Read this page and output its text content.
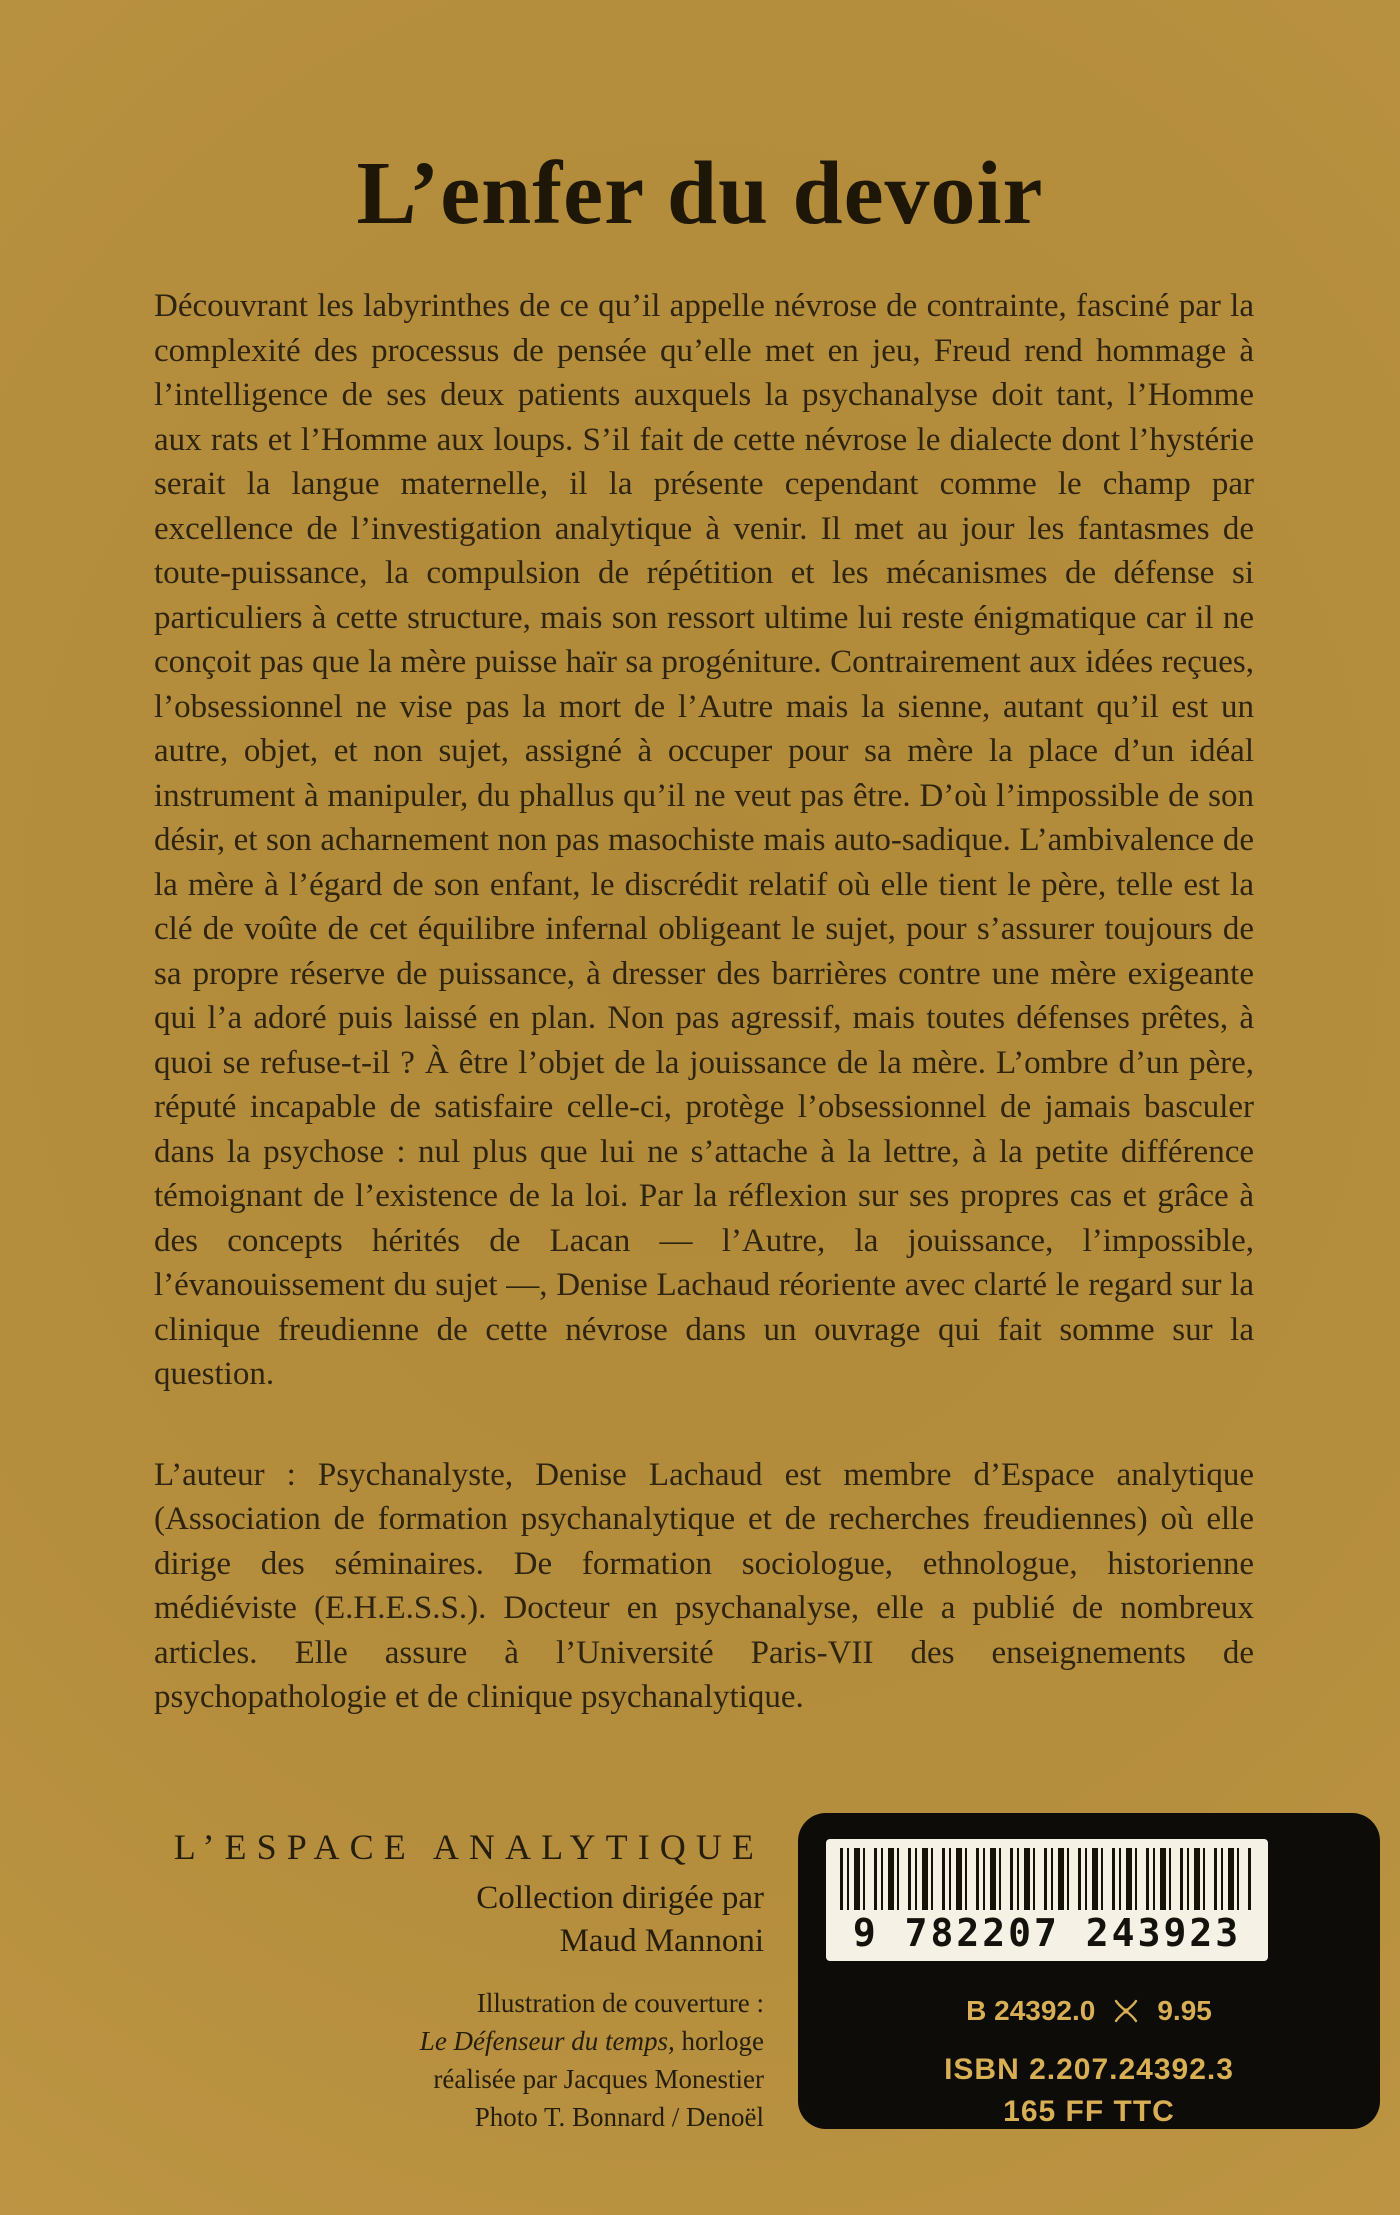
L’enfer du devoir

Découvrant les labyrinthes de ce qu’il appelle névrose de contrainte, fasciné par la complexité des processus de pensée qu’elle met en jeu, Freud rend hommage à l’intelligence de ses deux patients auxquels la psychanalyse doit tant, l’Homme aux rats et l’Homme aux loups. S’il fait de cette névrose le dialecte dont l’hystérie serait la langue maternelle, il la présente cependant comme le champ par excellence de l’investigation analytique à venir. Il met au jour les fantasmes de toute-puissance, la compulsion de répétition et les mécanismes de défense si particuliers à cette structure, mais son ressort ultime lui reste énigmatique car il ne conçoit pas que la mère puisse haïr sa progéniture. Contrairement aux idées reçues, l’obsessionnel ne vise pas la mort de l’Autre mais la sienne, autant qu’il est un autre, objet, et non sujet, assigné à occuper pour sa mère la place d’un idéal instrument à manipuler, du phallus qu’il ne veut pas être. D’où l’impossible de son désir, et son acharnement non pas masochiste mais auto-sadique. L’ambivalence de la mère à l’égard de son enfant, le discrédit relatif où elle tient le père, telle est la clé de voûte de cet équilibre infernal obligeant le sujet, pour s’assurer toujours de sa propre réserve de puissance, à dresser des barrières contre une mère exigeante qui l’a adoré puis laissé en plan. Non pas agressif, mais toutes défenses prêtes, à quoi se refuse-t-il ? À être l’objet de la jouissance de la mère. L’ombre d’un père, réputé incapable de satisfaire celle-ci, protège l’obsessionnel de jamais basculer dans la psychose : nul plus que lui ne s’attache à la lettre, à la petite différence témoignant de l’existence de la loi. Par la réflexion sur ses propres cas et grâce à des concepts hérités de Lacan — l’Autre, la jouissance, l’impossible, l’évanouissement du sujet —, Denise Lachaud réoriente avec clarté le regard sur la clinique freudienne de cette névrose dans un ouvrage qui fait somme sur la question.

L’auteur : Psychanalyste, Denise Lachaud est membre d’Espace analytique (Association de formation psychanalytique et de recherches freudiennes) où elle dirige des séminaires. De formation sociologue, ethnologue, historienne médiéviste (E.H.E.S.S.). Docteur en psychanalyse, elle a publié de nombreux articles. Elle assure à l’Université Paris-VII des enseignements de psychopathologie et de clinique psychanalytique.

L’ESPACE ANALYTIQUE
Collection dirigée par
Maud Mannoni
Illustration de couverture :
Le Défenseur du temps, horloge
réalisée par Jacques Monestier
Photo T. Bonnard / Denoël
9 782207 243923
B 24392.0 9.95
ISBN 2.207.24392.3
165 FF TTC
